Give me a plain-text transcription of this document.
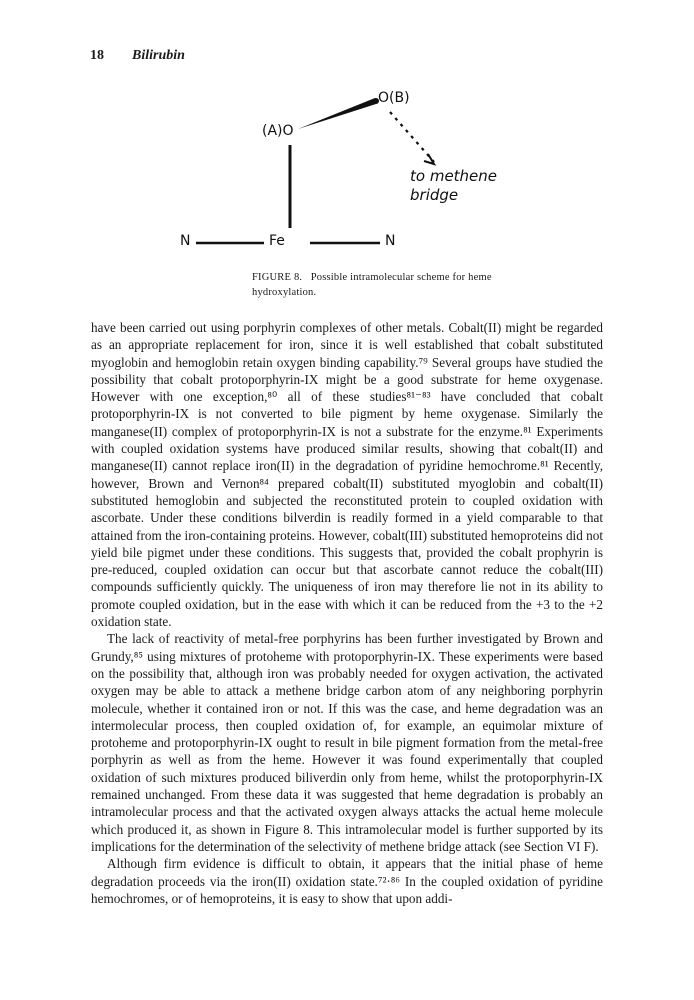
18 Bilirubin
O(B)
(A)O
to methene
bridge
N	Fe	N
FIGURE 8. Possible intramolecular scheme for heme hydroxylation.

have been carried out using porphyrin complexes of other metals. Cobalt(II) might be regarded as an appropriate replacement for iron, since it is well established that cobalt substituted myoglobin and hemoglobin retain oxygen binding capability.⁷⁹ Several groups have studied the possibility that cobalt protoporphyrin-IX might be a good substrate for heme oxygenase. However with one exception,⁸⁰ all of these studies⁸¹⁻⁸³ have concluded that cobalt protoporphyrin-IX is not converted to bile pigment by heme oxygenase. Similarly the manganese(II) complex of protoporphyrin-IX is not a substrate for the enzyme.⁸¹ Experiments with coupled oxidation systems have produced similar results, showing that cobalt(II) and manganese(II) cannot replace iron(II) in the degradation of pyridine hemochrome.⁸¹ Recently, however, Brown and Vernon⁸⁴ prepared cobalt(II) substituted myoglobin and cobalt(II) substituted hemoglobin and subjected the reconstituted protein to coupled oxidation with ascorbate. Under these conditions bilverdin is readily formed in a yield comparable to that attained from the iron-containing proteins. However, cobalt(III) substituted hemoproteins did not yield bile pigmet under these conditions. This suggests that, provided the cobalt prophyrin is pre-reduced, coupled oxidation can occur but that ascorbate cannot reduce the cobalt(III) compounds sufficiently quickly. The uniqueness of iron may therefore lie not in its ability to promote coupled oxidation, but in the ease with which it can be reduced from the +3 to the +2 oxidation state.

The lack of reactivity of metal-free porphyrins has been further investigated by Brown and Grundy,⁸⁵ using mixtures of protoheme with protoporphyrin-IX. These experiments were based on the possibility that, although iron was probably needed for oxygen activation, the activated oxygen may be able to attack a methene bridge carbon atom of any neighboring porphyrin molecule, whether it contained iron or not. If this was the case, and heme degradation was an intermolecular process, then coupled oxidation of, for example, an equimolar mixture of protoheme and protoporphyrin-IX ought to result in bile pigment formation from the metal-free porphyrin as well as from the heme. However it was found experimentally that coupled oxidation of such mixtures produced biliverdin only from heme, whilst the protoporphyrin-IX remained unchanged. From these data it was suggested that heme degradation is probably an intramolecular process and that the activated oxygen always attacks the actual heme molecule which produced it, as shown in Figure 8. This intramolecular model is further supported by its implications for the determination of the selectivity of methene bridge attack (see Section VI F).

Although firm evidence is difficult to obtain, it appears that the initial phase of heme degradation proceeds via the iron(II) oxidation state.⁷²·⁸⁶ In the coupled oxidation of pyridine hemochromes, or of hemoproteins, it is easy to show that upon addi-
